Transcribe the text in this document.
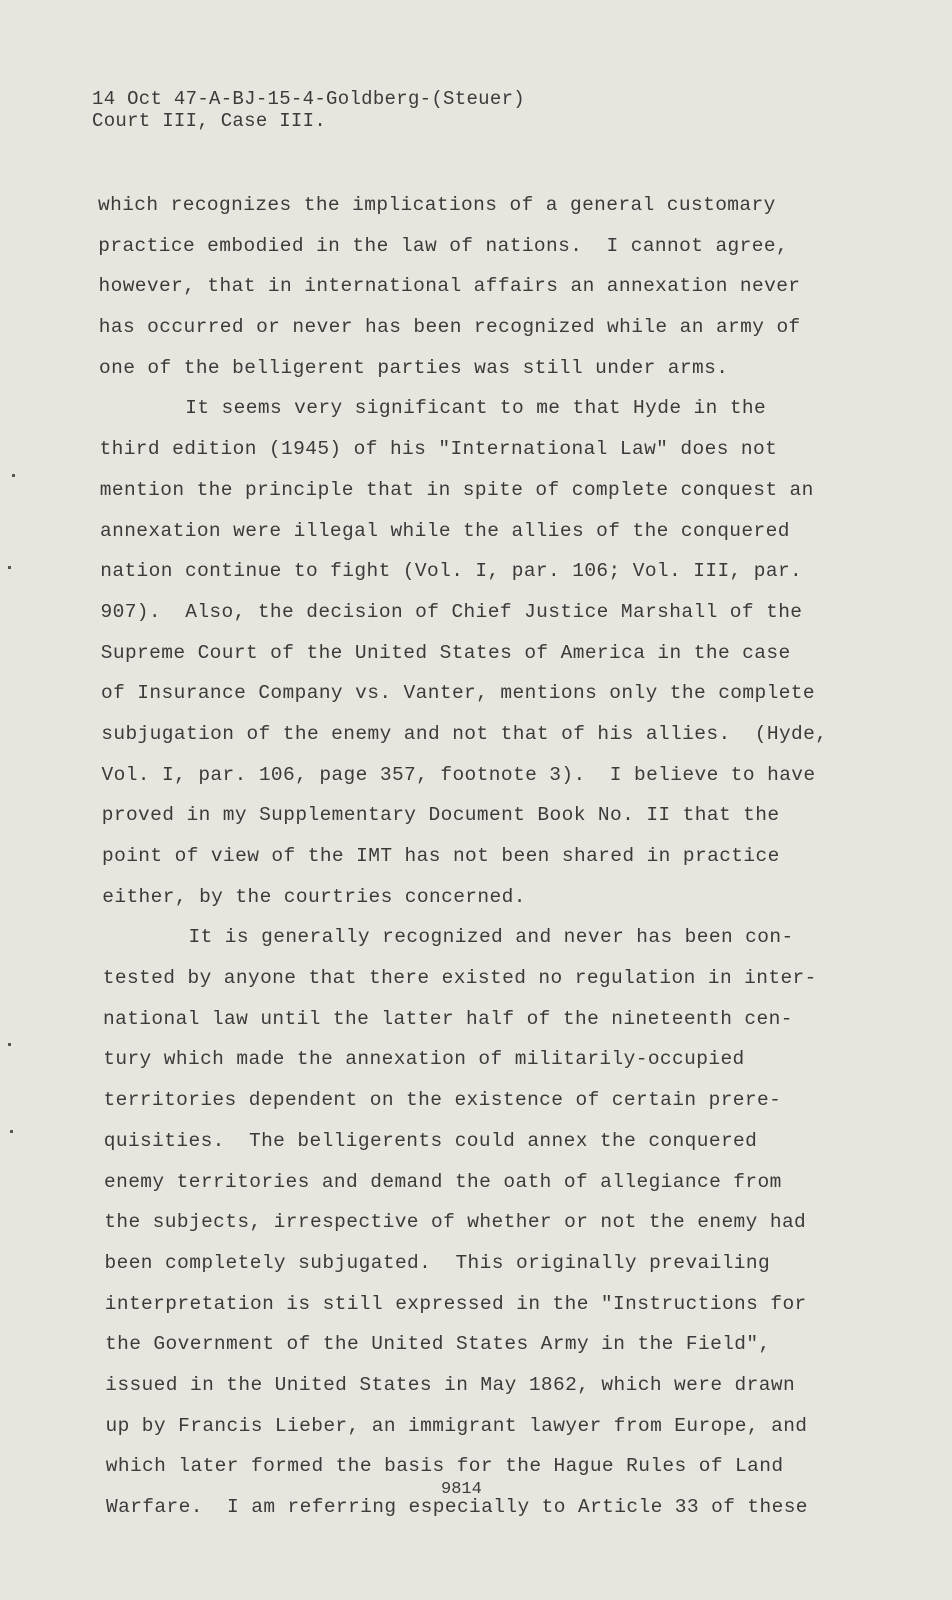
14 Oct 47-A-BJ-15-4-Goldberg-(Steuer)
Court III, Case III.
which recognizes the implications of a general customary
practice embodied in the law of nations.  I cannot agree,
however, that in international affairs an annexation never
has occurred or never has been recognized while an army of
one of the belligerent parties was still under arms.
It seems very significant to me that Hyde in the
third edition (1945) of his "International Law" does not
mention the principle that in spite of complete conquest an
annexation were illegal while the allies of the conquered
nation continue to fight (Vol. I, par. 106; Vol. III, par.
907).  Also, the decision of Chief Justice Marshall of the
Supreme Court of the United States of America in the case
of Insurance Company vs. Vanter, mentions only the complete
subjugation of the enemy and not that of his allies.  (Hyde,
Vol. I, par. 106, page 357, footnote 3).  I believe to have
proved in my Supplementary Document Book No. II that the
point of view of the IMT has not been shared in practice
either, by the courtries concerned.
It is generally recognized and never has been con-
tested by anyone that there existed no regulation in inter-
national law until the latter half of the nineteenth cen-
tury which made the annexation of militarily-occupied
territories dependent on the existence of certain prere-
quisities.  The belligerents could annex the conquered
enemy territories and demand the oath of allegiance from
the subjects, irrespective of whether or not the enemy had
been completely subjugated.  This originally prevailing
interpretation is still expressed in the "Instructions for
the Government of the United States Army in the Field",
issued in the United States in May 1862, which were drawn
up by Francis Lieber, an immigrant lawyer from Europe, and
which later formed the basis for the Hague Rules of Land
Warfare.  I am referring especially to Article 33 of these
9814
